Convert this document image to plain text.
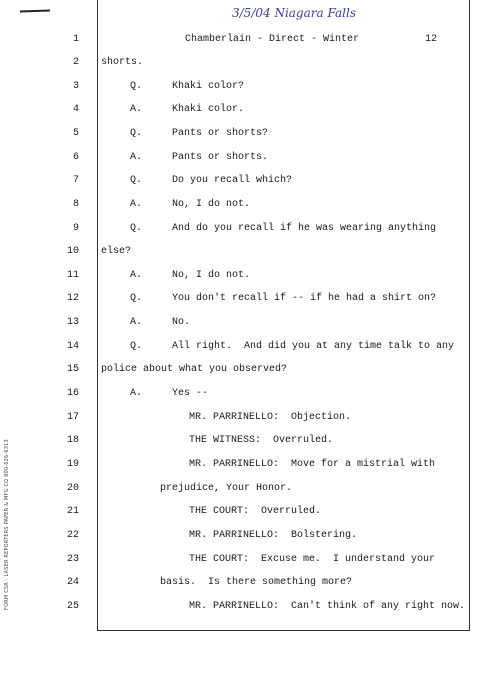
3/5/04 Niagara Falls
FORM CSR - LASER REPORTERS PAPER & MFG CO 800-626-6313
1	Chamberlain - Direct - Winter	12
2 shorts.
3	Q.	Khaki color?
4	A.	Khaki color.
5	Q.	Pants or shorts?
6	A.	Pants or shorts.
7	Q.	Do you recall which?
8	A.	No, I do not.
9	Q.	And do you recall if he was wearing anything
10 else?
11	A.	No, I do not.
12	Q.	You don't recall if -- if he had a shirt on?
13	A.	No.
14	Q.	All right.  And did you at any time talk to any
15 police about what you observed?
16	A.	Yes --
17	MR. PARRINELLO:  Objection.
18	THE WITNESS:  Overruled.
19	MR. PARRINELLO:  Move for a mistrial with
20	prejudice, Your Honor.
21	THE COURT:  Overruled.
22	MR. PARRINELLO:  Bolstering.
23	THE COURT:  Excuse me.  I understand your
24	basis.  Is there something more?
25	MR. PARRINELLO:  Can't think of any right now.
